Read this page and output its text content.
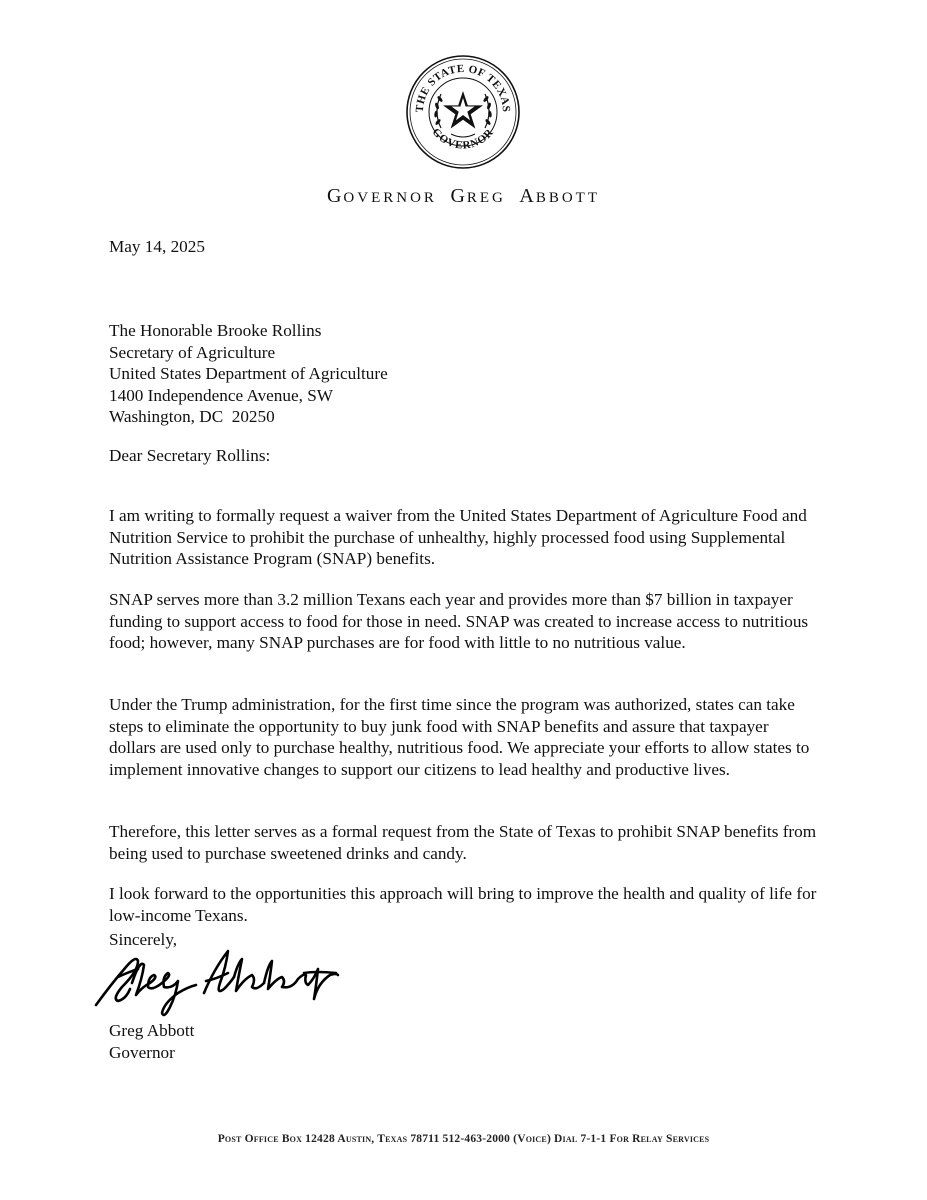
THE STATE OF TEXAS
GOVERNOR
GOVERNOR  GREG  ABBOTT
May 14, 2025
The Honorable Brooke Rollins
Secretary of Agriculture
United States Department of Agriculture
1400 Independence Avenue, SW
Washington, DC  20250
Dear Secretary Rollins:

I am writing to formally request a waiver from the United States Department of Agriculture Food and Nutrition Service to prohibit the purchase of unhealthy, highly processed food using Supplemental Nutrition Assistance Program (SNAP) benefits.

SNAP serves more than 3.2 million Texans each year and provides more than $7 billion in taxpayer funding to support access to food for those in need. SNAP was created to increase access to nutritious food; however, many SNAP purchases are for food with little to no nutritious value.

Under the Trump administration, for the first time since the program was authorized, states can take steps to eliminate the opportunity to buy junk food with SNAP benefits and assure that taxpayer dollars are used only to purchase healthy, nutritious food. We appreciate your efforts to allow states to implement innovative changes to support our citizens to lead healthy and productive lives.

Therefore, this letter serves as a formal request from the State of Texas to prohibit SNAP benefits from being used to purchase sweetened drinks and candy.

I look forward to the opportunities this approach will bring to improve the health and quality of life for low-income Texans.

Sincerely,
Greg Abbott
Governor
Post Office Box 12428 Austin, Texas 78711 512-463-2000 (Voice) Dial 7-1-1 For Relay Services
